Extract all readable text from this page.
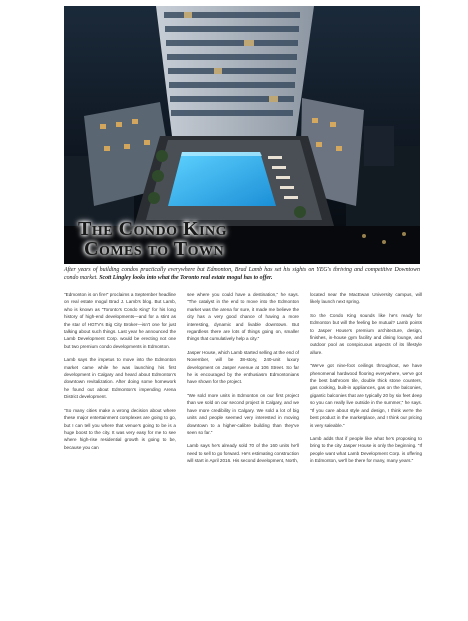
The Condo King
Comes to Town
After years of building condos practically everywhere but Edmonton, Brad Lamb has set his sights on YEG's thriving and competitive Downtown condo market. Scott Lingley looks into what the Toronto real estate mogul has to offer.

"Edmonton is on fire!" proclaims a September headline on real estate mogul Brad J. Lamb's blog. But Lamb, who is known as "Toronto's Condo King" for his long history of high-end developments—and for a stint as the star of HGTV's Big City Broker—isn't one for just talking about such things. Last year he announced the Lamb Development Corp. would be erecting not one but two premium condo developments in Edmonton.

Lamb says the impetus to move into the Edmonton market came while he was launching his first development in Calgary and heard about Edmonton's downtown revitalization. After doing some homework he found out about Edmonton's impending Arena District development.

"So many cities make a wrong decision about where these major entertainment complexes are going to go, but I can tell you where that venue's going to be is a huge boost to the city. It was very easy for me to see where high-rise residential growth is going to be, because you can

see where you could have a destination," he says. "The catalyst in the end to move into the Edmonton market was the arena for sure, it made me believe the city has a very good chance of having a more interesting, dynamic and livable downtown. But regardless there are lots of things going on, smaller things that cumulatively help a city."

Jasper House, which Lamb started selling at the end of November, will be 38-story, 240-unit luxury development on Jasper Avenue at 106 Street. So far he is encouraged by the enthusiasm Edmontonians have shown for the project.

"We sold more units in Edmonton on our first project than we sold on our second project in Calgary, and we have more credibility in Calgary. We sold a lot of big units and people seemed very interested in moving downtown to a higher-calibre building than they've seen so far."

Lamb says he's already sold 70 of the 160 units he'll need to sell to go forward. He's estimating construction will start in April 2016. His second development, North,

located near the MacEwan University campus, will likely launch next spring.

So the Condo King sounds like he's ready for Edmonton but will the feeling be mutual? Lamb points to Jasper House's premium architecture, design, finishes, in-house gym facility and dining lounge, and outdoor pool as conspicuous aspects of its lifestyle allure.

"We've got nine-foot ceilings throughout, we have phenomenal hardwood flooring everywhere, we've got the best bathroom tile, double thick stone counters, gas cooking, built-in appliances, gas on the balconies, gigantic balconies that are typically 20 by six feet deep so you can really live outside in the summer," he says. "If you care about style and design, I think we're the best product in the marketplace, and I think our pricing is very saleable."

Lamb adds that if people like what he's proposing to bring to the city Jasper House is only the beginning. "If people want what Lamb Development Corp. is offering in Edmonton, we'll be there for many, many years."
